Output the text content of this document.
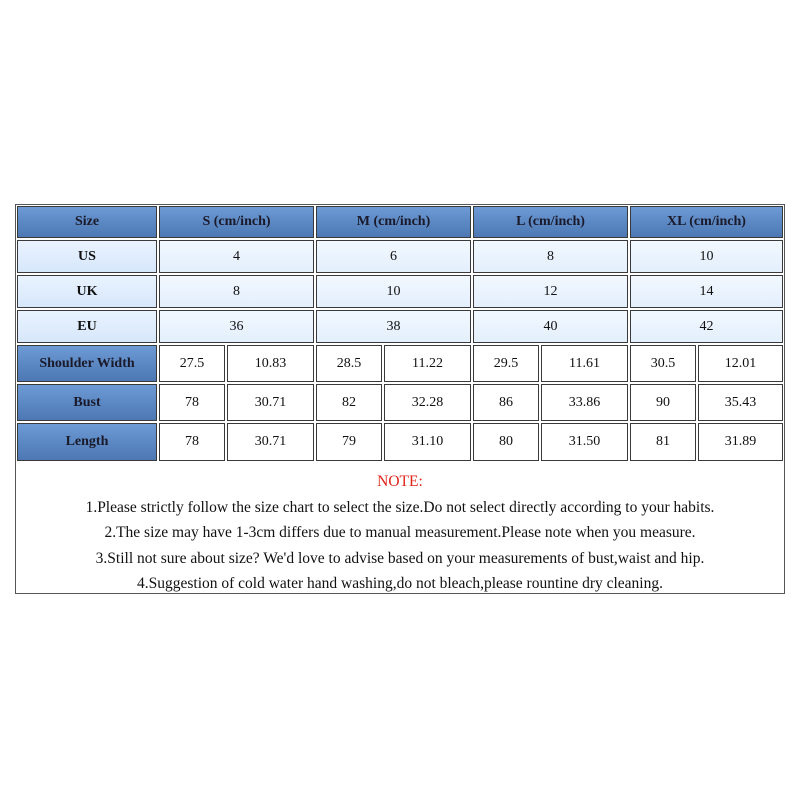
Size	S (cm/inch)	M (cm/inch)	L (cm/inch)	XL (cm/inch)
US	4	6	8	10
UK	8	10	12	14
EU	36	38	40	42
Shoulder Width	27.5	10.83	28.5	11.22	29.5	11.61	30.5	12.01
Bust	78	30.71	82	32.28	86	33.86	90	35.43
Length	78	30.71	79	31.10	80	31.50	81	31.89
NOTE:
1.Please strictly follow the size chart to select the size.Do not select directly according to your habits.
2.The size may have 1-3cm differs due to manual measurement.Please note when you measure.
3.Still not sure about size? We'd love to advise based on your measurements of bust,waist and hip.
4.Suggestion of cold water hand washing,do not bleach,please rountine dry cleaning.
